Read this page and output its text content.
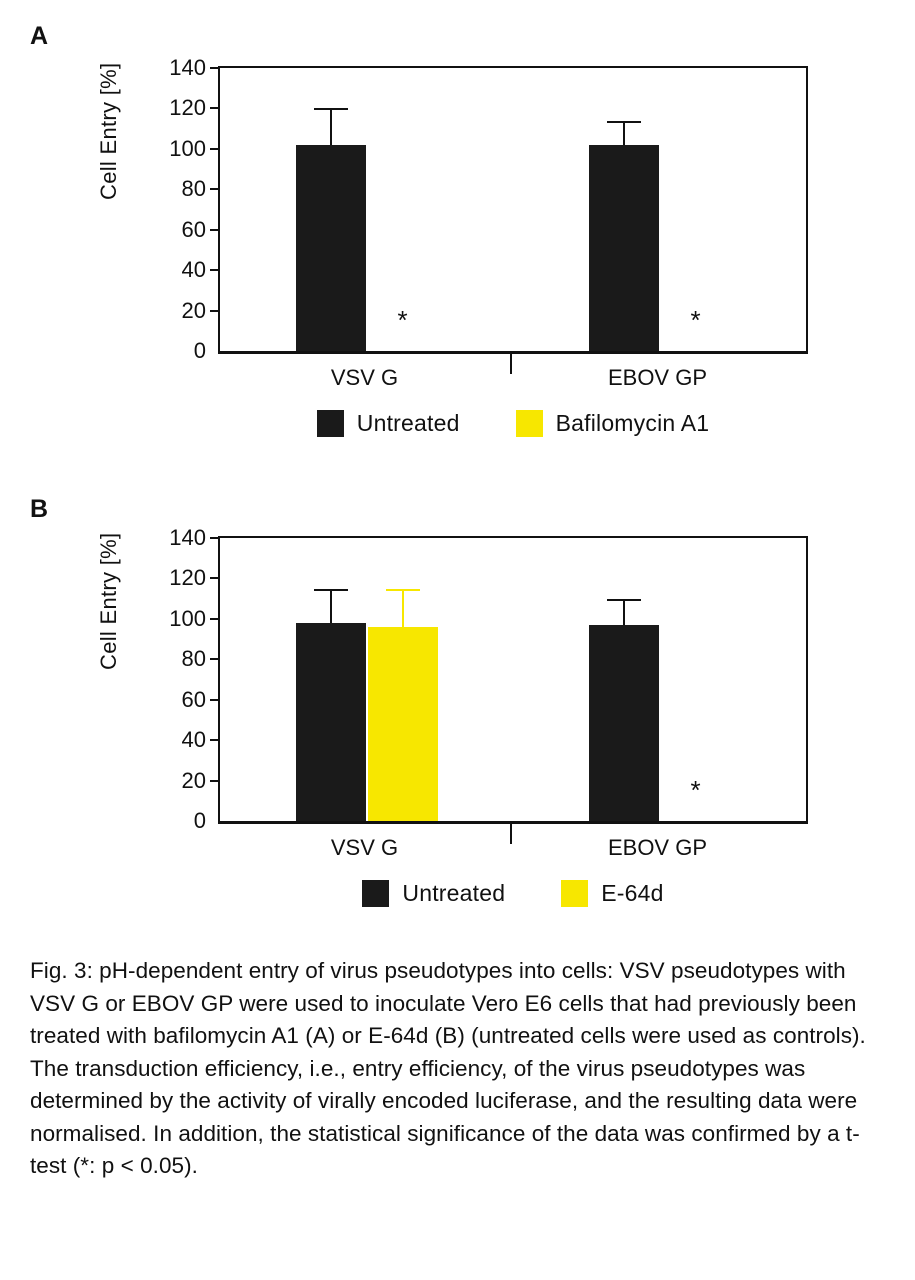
A
Cell Entry [%]
0
20
40
60
80
100
120
140
*	*
Untreated	Bafilomycin A1
VSV G	EBOV GP
B
Cell Entry [%]
0
20
40
60
80
100
120
140
*
Untreated	E-64d
VSV G	EBOV GP

Fig. 3: pH-dependent entry of virus pseudotypes into cells: VSV pseudotypes with VSV G or EBOV GP were used to inoculate Vero E6 cells that had previously been treated with bafilomycin A1 (A) or E-64d (B) (untreated cells were used as controls). The transduction efficiency, i.e., entry efficiency, of the virus pseudotypes was determined by the activity of virally encoded luciferase, and the resulting data were normalised. In addition, the statistical significance of the data was confirmed by a t-test (*: p < 0.05).
